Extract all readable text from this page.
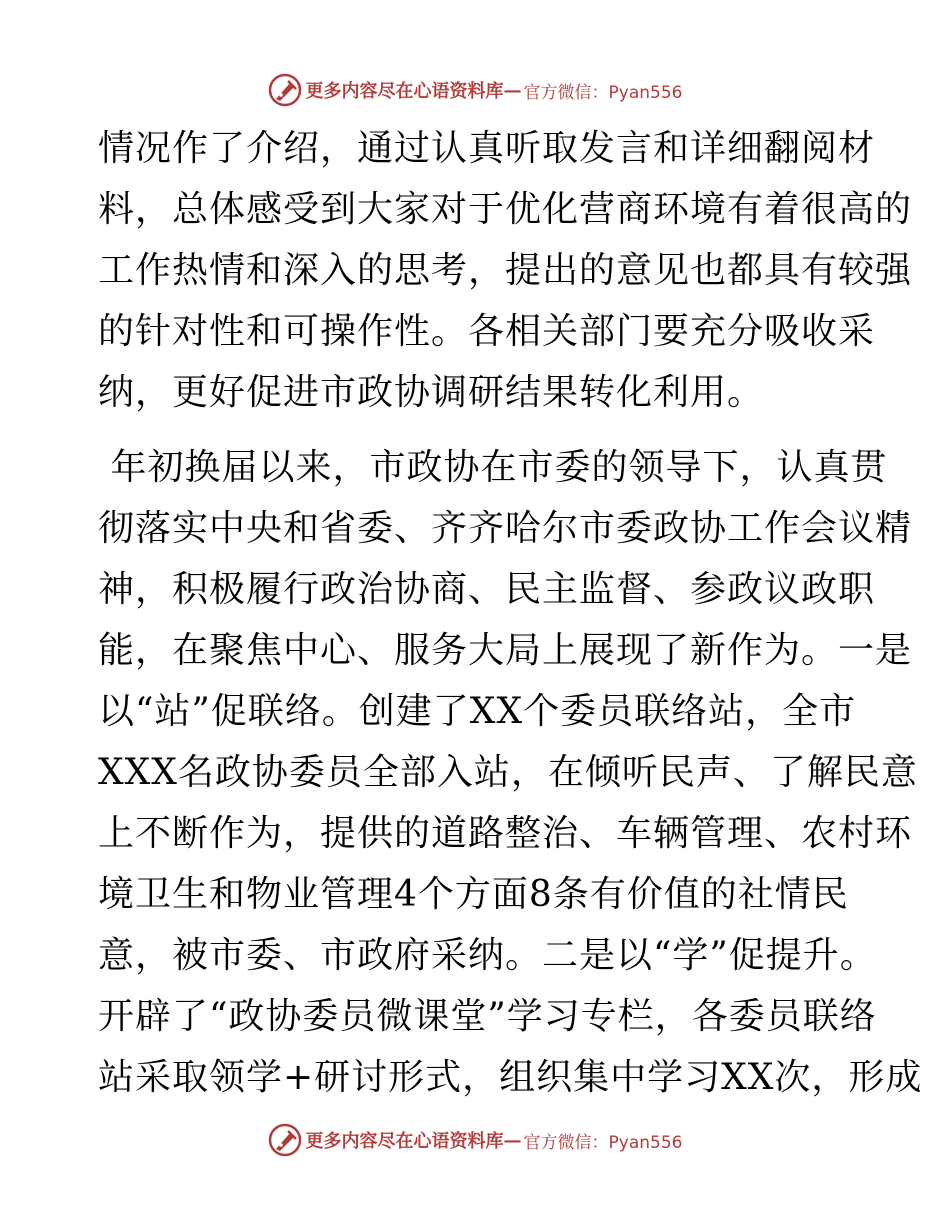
更多内容尽在心语资料库 — 官方微信：Pyan556
情况作了介绍，通过认真听取发言和详细翻阅材
料，总体感受到大家对于优化营商环境有着很高的
工作热情和深入的思考，提出的意见也都具有较强
的针对性和可操作性。各相关部门要充分吸收采
纳，更好促进市政协调研结果转化利用。
年初换届以来，市政协在市委的领导下，认真贯
彻落实中央和省委、齐齐哈尔市委政协工作会议精
神，积极履行政治协商、民主监督、参政议政职
能，在聚焦中心、服务大局上展现了新作为。一是
以“站”促联络。创建了XX个委员联络站，全市
XXX名政协委员全部入站，在倾听民声、了解民意
上不断作为，提供的道路整治、车辆管理、农村环
境卫生和物业管理4个方面8条有价值的社情民
意，被市委、市政府采纳。二是以“学”促提升。
开辟了“政协委员微课堂”学习专栏，各委员联络
站采取领学+研讨形式，组织集中学习XX次，形成
更多内容尽在心语资料库 — 官方微信：Pyan556
